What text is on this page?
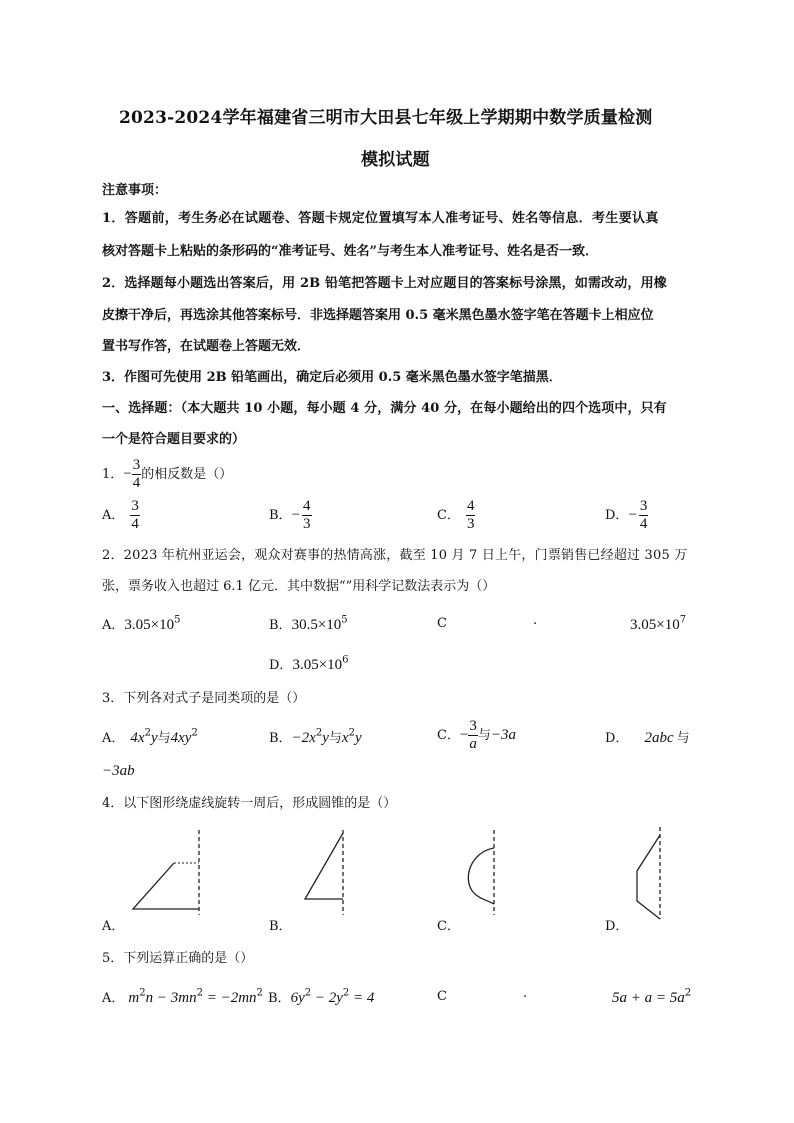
2023-2024学年福建省三明市大田县七年级上学期期中数学质量检测
模拟试题
注意事项：
1．答题前，考生务必在试题卷、答题卡规定位置填写本人准考证号、姓名等信息．考生要认真
核对答题卡上粘贴的条形码的“准考证号、姓名”与考生本人准考证号、姓名是否一致．
2．选择题每小题选出答案后，用 2B 铅笔把答题卡上对应题目的答案标号涂黑，如需改动，用橡
皮擦干净后，再选涂其他答案标号．非选择题答案用 0.5 毫米黑色墨水签字笔在答题卡上相应位
置书写作答，在试题卷上答题无效．
3．作图可先使用 2B 铅笔画出，确定后必须用 0.5 毫米黑色墨水签字笔描黑．
一、选择题：（本大题共 10 小题，每小题 4 分，满分 40 分，在每小题给出的四个选项中，只有
一个是符合题目要求的）
1． − $\frac{3}{4}$ 的相反数是（）
A． $\frac{3}{4}$	B． − $\frac{4}{3}$	C． $\frac{4}{3}$	D． − $\frac{3}{4}$
2．2023 年杭州亚运会，观众对赛事的热情高涨，截至 10 月 7 日上午，门票销售已经超过 305 万
张，票务收入也超过 6.1 亿元．其中数据“”用科学记数法表示为（）
A．$3.05\times 10^5$	B．$30.5\times 10^5$	C	.	$3.05\times 10^7$
D．$3.05\times 10^6$
3．下列各对式子是同类项的是（）
A． $4x^2y$与$4xy^2$	B．$-2x^2y$与$x^2y$	C． − $\frac{3}{a}$ 与 −3a	D． 2abc 与
−3ab
4．以下图形绕虚线旋转一周后，形成圆锥的是（）
A．	B．	C．	D．
5．下列运算正确的是（）
A． $m^2n - 3mn^2 = -2mn^2$ B．$6y^2 - 2y^2 = 4$	C	.	$5a + a = 5a^2$
